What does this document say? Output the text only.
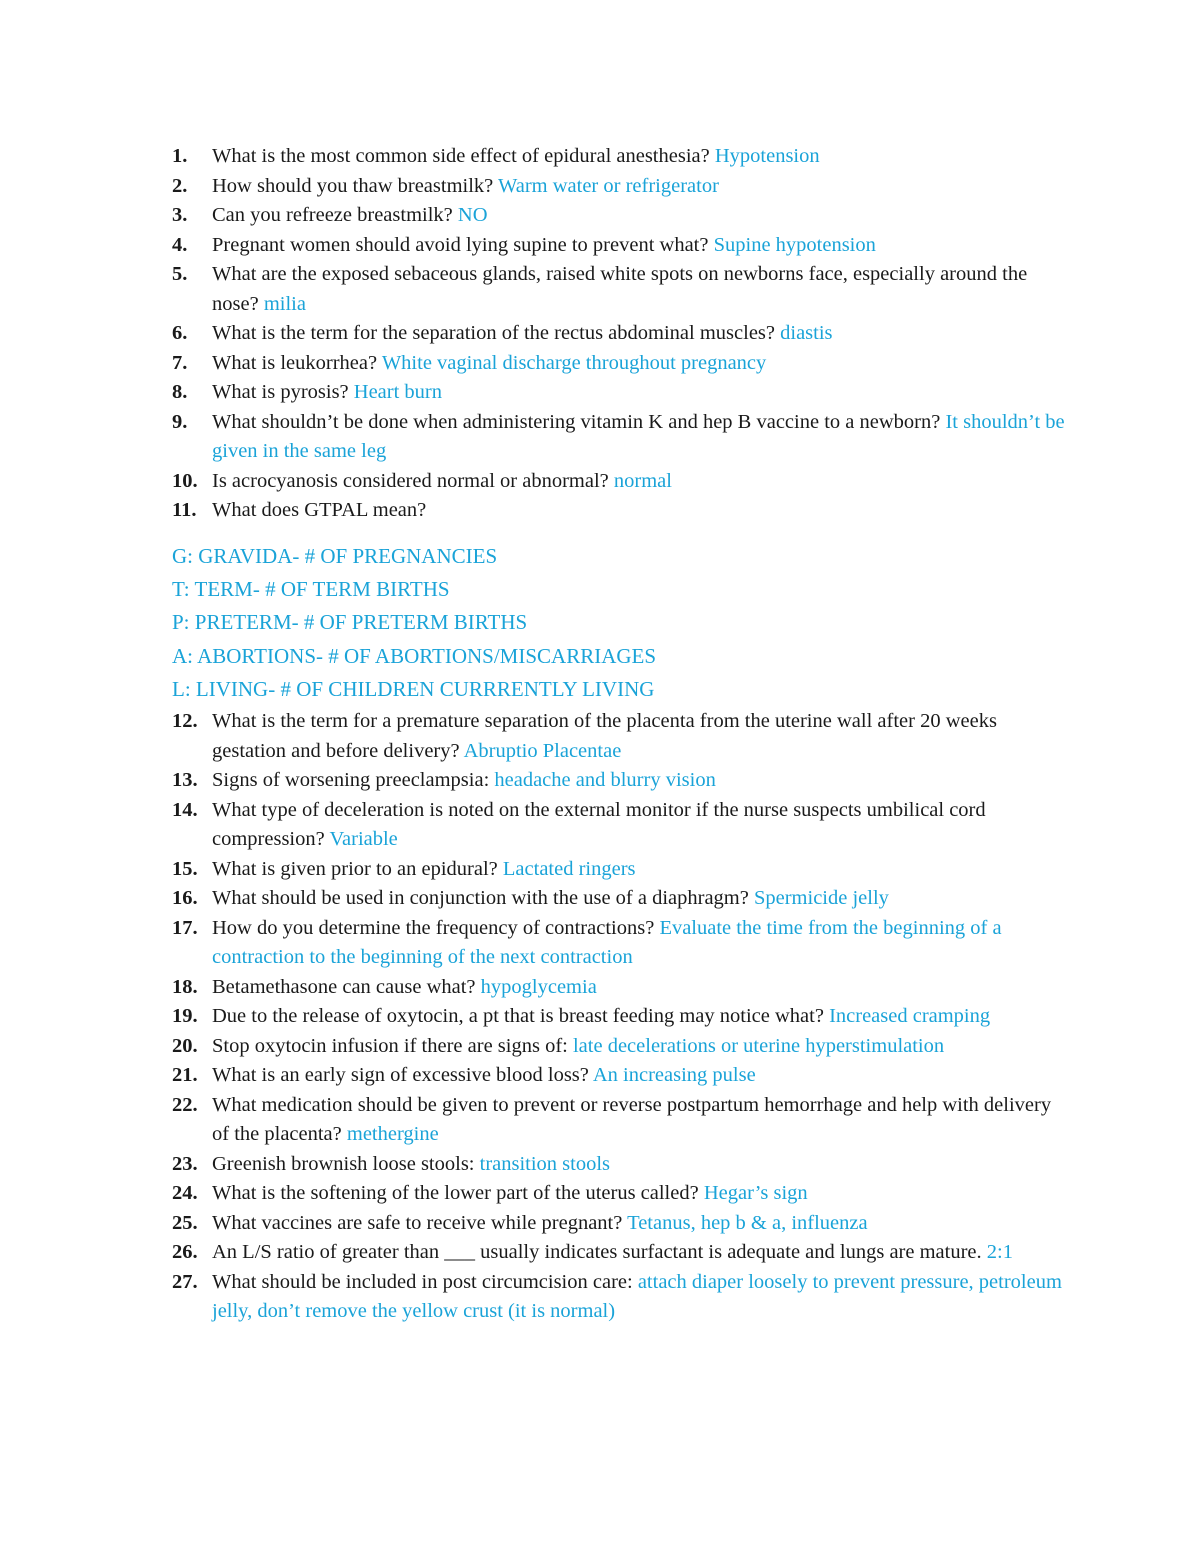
1.	What is the most common side effect of epidural anesthesia? Hypotension
2.	How should you thaw breastmilk? Warm water or refrigerator
3.	Can you refreeze breastmilk? NO
4.	Pregnant women should avoid lying supine to prevent what? Supine hypotension
5.	What are the exposed sebaceous glands, raised white spots on newborns face, especially around the nose? milia
6.	What is the term for the separation of the rectus abdominal muscles? diastis
7.	What is leukorrhea? White vaginal discharge throughout pregnancy
8.	What is pyrosis? Heart burn
9.	What shouldn’t be done when administering vitamin K and hep B vaccine to a newborn? It shouldn’t be given in the same leg
10. Is acrocyanosis considered normal or abnormal? normal
11. What does GTPAL mean?
G: GRAVIDA- # OF PREGNANCIES
T: TERM- # OF TERM BIRTHS
P: PRETERM- # OF PRETERM BIRTHS
A: ABORTIONS- # OF ABORTIONS/MISCARRIAGES
L: LIVING- # OF CHILDREN CURRRENTLY LIVING
12. What is the term for a premature separation of the placenta from the uterine wall after 20 weeks gestation and before delivery? Abruptio Placentae
13. Signs of worsening preeclampsia: headache and blurry vision
14. What type of deceleration is noted on the external monitor if the nurse suspects umbilical cord compression? Variable
15. What is given prior to an epidural? Lactated ringers
16. What should be used in conjunction with the use of a diaphragm? Spermicide jelly
17. How do you determine the frequency of contractions? Evaluate the time from the beginning of a contraction to the beginning of the next contraction
18. Betamethasone can cause what? hypoglycemia
19. Due to the release of oxytocin, a pt that is breast feeding may notice what? Increased cramping
20. Stop oxytocin infusion if there are signs of: late decelerations or uterine hyperstimulation
21. What is an early sign of excessive blood loss? An increasing pulse
22. What medication should be given to prevent or reverse postpartum hemorrhage and help with delivery of the placenta? methergine
23. Greenish brownish loose stools: transition stools
24. What is the softening of the lower part of the uterus called? Hegar’s sign
25. What vaccines are safe to receive while pregnant? Tetanus, hep b & a, influenza
26. An L/S ratio of greater than ___ usually indicates surfactant is adequate and lungs are mature. 2:1
27. What should be included in post circumcision care: attach diaper loosely to prevent pressure, petroleum jelly, don’t remove the yellow crust (it is normal)
